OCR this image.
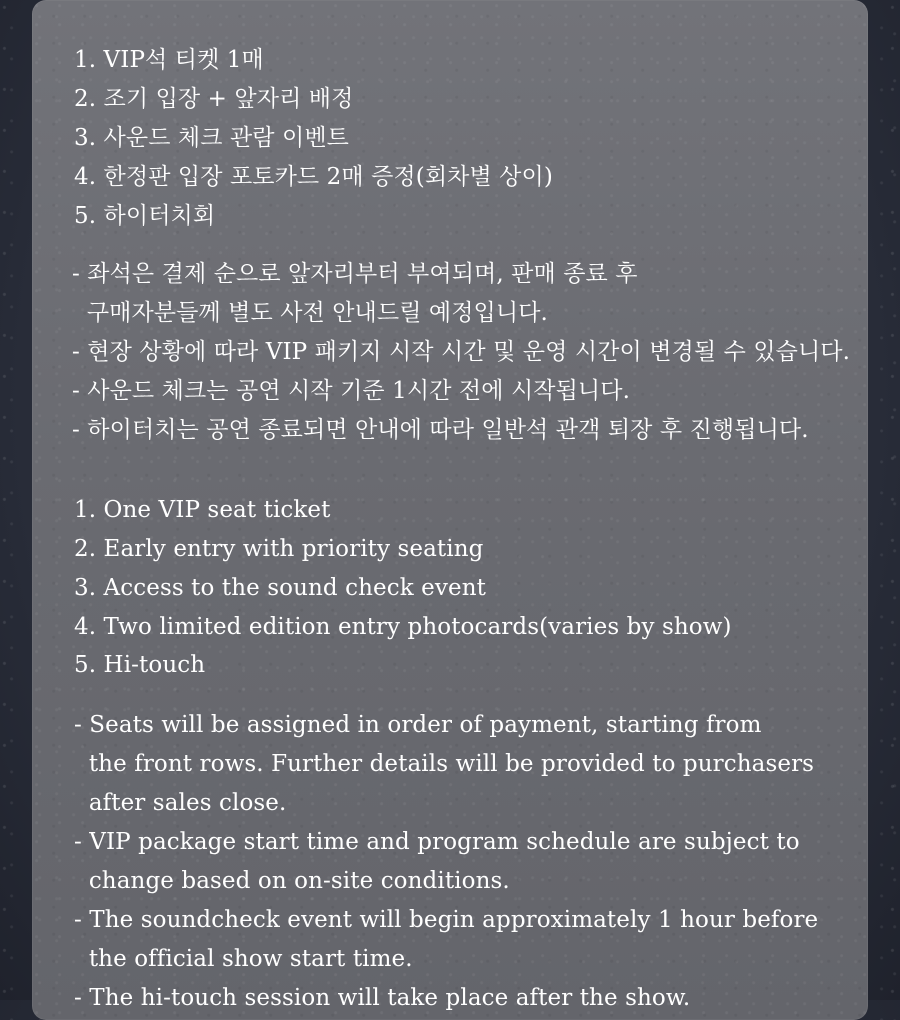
1. VIP석 티켓 1매

2. 조기 입장 + 앞자리 배정

3. 사운드 체크 관람 이벤트

4. 한정판 입장 포토카드 2매 증정(회차별 상이)

5. 하이터치회

- 좌석은 결제 순으로 앞자리부터 부여되며, 판매 종료 후

구매자분들께 별도 사전 안내드릴 예정입니다.

- 현장 상황에 따라 VIP 패키지 시작 시간 및 운영 시간이 변경될 수 있습니다.

- 사운드 체크는 공연 시작 기준 1시간 전에 시작됩니다.

- 하이터치는 공연 종료되면 안내에 따라 일반석 관객 퇴장 후 진행됩니다.

1. One VIP seat ticket

2. Early entry with priority seating

3. Access to the sound check event

4. Two limited edition entry photocards(varies by show)

5. Hi-touch

- Seats will be assigned in order of payment, starting from

the front rows. Further details will be provided to purchasers

after sales close.

- VIP package start time and program schedule are subject to

change based on on-site conditions.

- The soundcheck event will begin approximately 1 hour before

the official show start time.

- The hi-touch session will take place after the show.
